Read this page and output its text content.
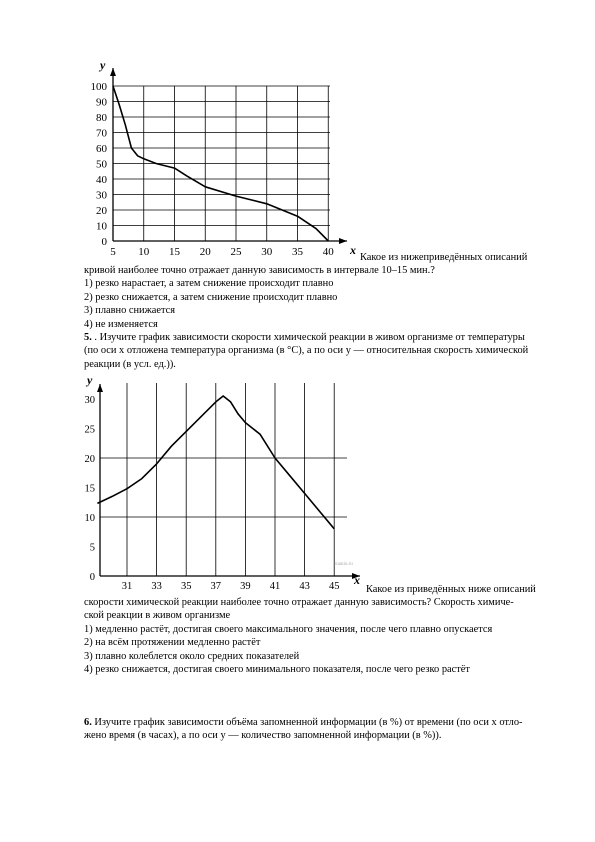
y
x
0
10
20
30
40
50
60
70
80
90
100
5 10 15 20 25 30 35 40
y
x
0
5
10
15
20
25
30
31 33 35 37 39 41 43 45
znanio.ru
Какое из нижеприведённых описаний
кривой наиболее точно отражает данную зависимость в интервале 10–15 мин.?
1) резко нарастает, а затем снижение происходит плавно
2) резко снижается, а затем снижение происходит плавно
3) плавно снижается
4) не изменяется
5. . Изучите график зависимости скорости химической реакции в живом организме от температуры
(по оси x отложена температура организма (в °C), а по оси y — относительная скорость химической
реакции (в усл. ед.)).
Какое из приведённых ниже описаний
скорости химической реакции наиболее точно отражает данную зависимость? Скорость химиче-
ской реакции в живом организме
1) медленно растёт, достигая своего максимального значения, после чего плавно опускается
2) на всём протяжении медленно растёт
3) плавно колеблется около средних показателей
4) резко снижается, достигая своего минимального показателя, после чего резко растёт
6. Изучите график зависимости объёма запомненной информации (в %) от времени (по оси x отло-
жено время (в часах), а по оси y — количество запомненной информации (в %)).
